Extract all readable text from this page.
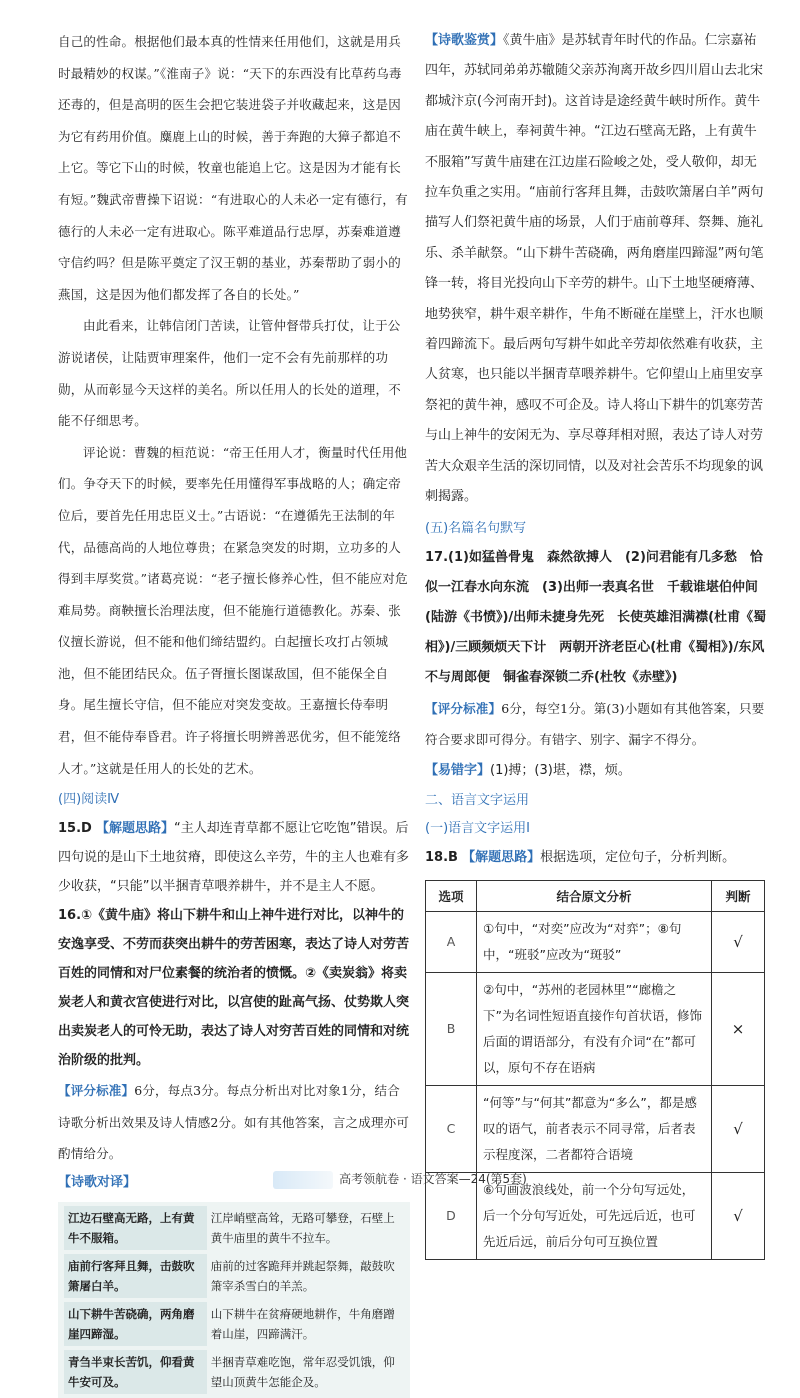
自己的性命。根据他们最本真的性情来任用他们，这就是用兵时最精妙的权谋。”《淮南子》说：“天下的东西没有比草药乌毒还毒的，但是高明的医生会把它装进袋子并收藏起来，这是因为它有药用价值。麋鹿上山的时候，善于奔跑的大獐子都追不上它。等它下山的时候，牧童也能追上它。这是因为才能有长有短。”魏武帝曹操下诏说：“有进取心的人未必一定有德行，有德行的人未必一定有进取心。陈平难道品行忠厚，苏秦难道遵守信约吗？但是陈平奠定了汉王朝的基业，苏秦帮助了弱小的燕国，这是因为他们都发挥了各自的长处。”

由此看来，让韩信闭门苦读，让管仲督带兵打仗，让于公游说诸侯，让陆贾审理案件，他们一定不会有先前那样的功勋，从而彰显今天这样的美名。所以任用人的长处的道理，不能不仔细思考。

评论说：曹魏的桓范说：“帝王任用人才，衡量时代任用他们。争夺天下的时候，要率先任用懂得军事战略的人；确定帝位后，要首先任用忠臣义士。”古语说：“在遵循先王法制的年代，品德高尚的人地位尊贵；在紧急突发的时期，立功多的人得到丰厚奖赏。”诸葛亮说：“老子擅长修养心性，但不能应对危难局势。商鞅擅长治理法度，但不能施行道德教化。苏秦、张仪擅长游说，但不能和他们缔结盟约。白起擅长攻打占领城池，但不能团结民众。伍子胥擅长图谋敌国，但不能保全自身。尾生擅长守信，但不能应对突发变故。王嘉擅长侍奉明君，但不能侍奉昏君。许子将擅长明辨善恶优劣，但不能笼络人才。”这就是任用人的长处的艺术。

(四)阅读Ⅳ

15.D 【解题思路】“主人却连青草都不愿让它吃饱”错误。后四句说的是山下土地贫瘠，即使这么辛劳，牛的主人也难有多少收获，“只能”以半捆青草喂养耕牛，并不是主人不愿。

16.①《黄牛庙》将山下耕牛和山上神牛进行对比，以神牛的安逸享受、不劳而获突出耕牛的劳苦困寒，表达了诗人对劳苦百姓的同情和对尸位素餐的统治者的愤慨。②《卖炭翁》将卖炭老人和黄衣宫使进行对比，以宫使的趾高气扬、仗势欺人突出卖炭老人的可怜无助，表达了诗人对穷苦百姓的同情和对统治阶级的批判。

【评分标准】6分，每点3分。每点分析出对比对象1分，结合诗歌分析出效果及诗人情感2分。如有其他答案，言之成理亦可酌情给分。

【诗歌对译】

江边石壁高无路，上有黄牛不服箱。	江岸峭壁高耸，无路可攀登，石壁上黄牛庙里的黄牛不拉车。
庙前行客拜且舞，击鼓吹箫屠白羊。	庙前的过客跪拜并跳起祭舞，敲鼓吹箫宰杀雪白的羊羔。
山下耕牛苦硗确，两角磨崖四蹄湿。	山下耕牛在贫瘠硬地耕作，牛角磨蹭着山崖，四蹄满汗。
青刍半束长苦饥，仰看黄牛安可及。	半捆青草难吃饱，常年忍受饥饿，仰望山顶黄牛怎能企及。

【诗歌鉴赏】《黄牛庙》是苏轼青年时代的作品。仁宗嘉祐四年，苏轼同弟弟苏辙随父亲苏洵离开故乡四川眉山去北宋都城汴京(今河南开封)。这首诗是途经黄牛峡时所作。黄牛庙在黄牛峡上，奉祠黄牛神。“江边石壁高无路，上有黄牛不服箱”写黄牛庙建在江边崖石险峻之处，受人敬仰，却无拉车负重之实用。“庙前行客拜且舞，击鼓吹箫屠白羊”两句描写人们祭祀黄牛庙的场景，人们于庙前尊拜、祭舞、施礼乐、杀羊献祭。“山下耕牛苦硗确，两角磨崖四蹄湿”两句笔锋一转，将目光投向山下辛劳的耕牛。山下土地坚硬瘠薄、地势狭窄，耕牛艰辛耕作，牛角不断碰在崖壁上，汗水也顺着四蹄流下。最后两句写耕牛如此辛劳却依然难有收获，主人贫寒，也只能以半捆青草喂养耕牛。它仰望山上庙里安享祭祀的黄牛神，感叹不可企及。诗人将山下耕牛的饥寒劳苦与山上神牛的安闲无为、享尽尊拜相对照，表达了诗人对劳苦大众艰辛生活的深切同情，以及对社会苦乐不均现象的讽刺揭露。

(五)名篇名句默写

17.(1)如猛兽骨鬼　森然欲搏人　(2)问君能有几多愁　恰似一江春水向东流　(3)出师一表真名世　千载谁堪伯仲间(陆游《书愤》)/出师未捷身先死　长使英雄泪满襟(杜甫《蜀相》)/三顾频烦天下计　两朝开济老臣心(杜甫《蜀相》)/东风不与周郎便　铜雀春深锁二乔(杜牧《赤壁》)

【评分标准】6分，每空1分。第(3)小题如有其他答案，只要符合要求即可得分。有错字、别字、漏字不得分。

【易错字】(1)搏；(3)堪，襟，烦。

二、语言文字运用

(一)语言文字运用Ⅰ

18.B 【解题思路】根据选项，定位句子，分析判断。

选项	结合原文分析	判断
A	①句中，“对奕”应改为“对弈”；⑧句中，“班驳”应改为“斑驳”	√
B	②句中，“苏州的老园林里”“廊檐之下”为名词性短语直接作句首状语，修饰后面的谓语部分，有没有介词“在”都可以，原句不存在语病	×
C	“何等”与“何其”都意为“多么”，都是感叹的语气，前者表示不同寻常，后者表示程度深，二者都符合语境	√
D	⑥句画波浪线处，前一个分句写远处，后一个分句写近处，可先远后近，也可先近后远，前后分句可互换位置	√
高考领航卷 · 语文答案—24(第5套)
